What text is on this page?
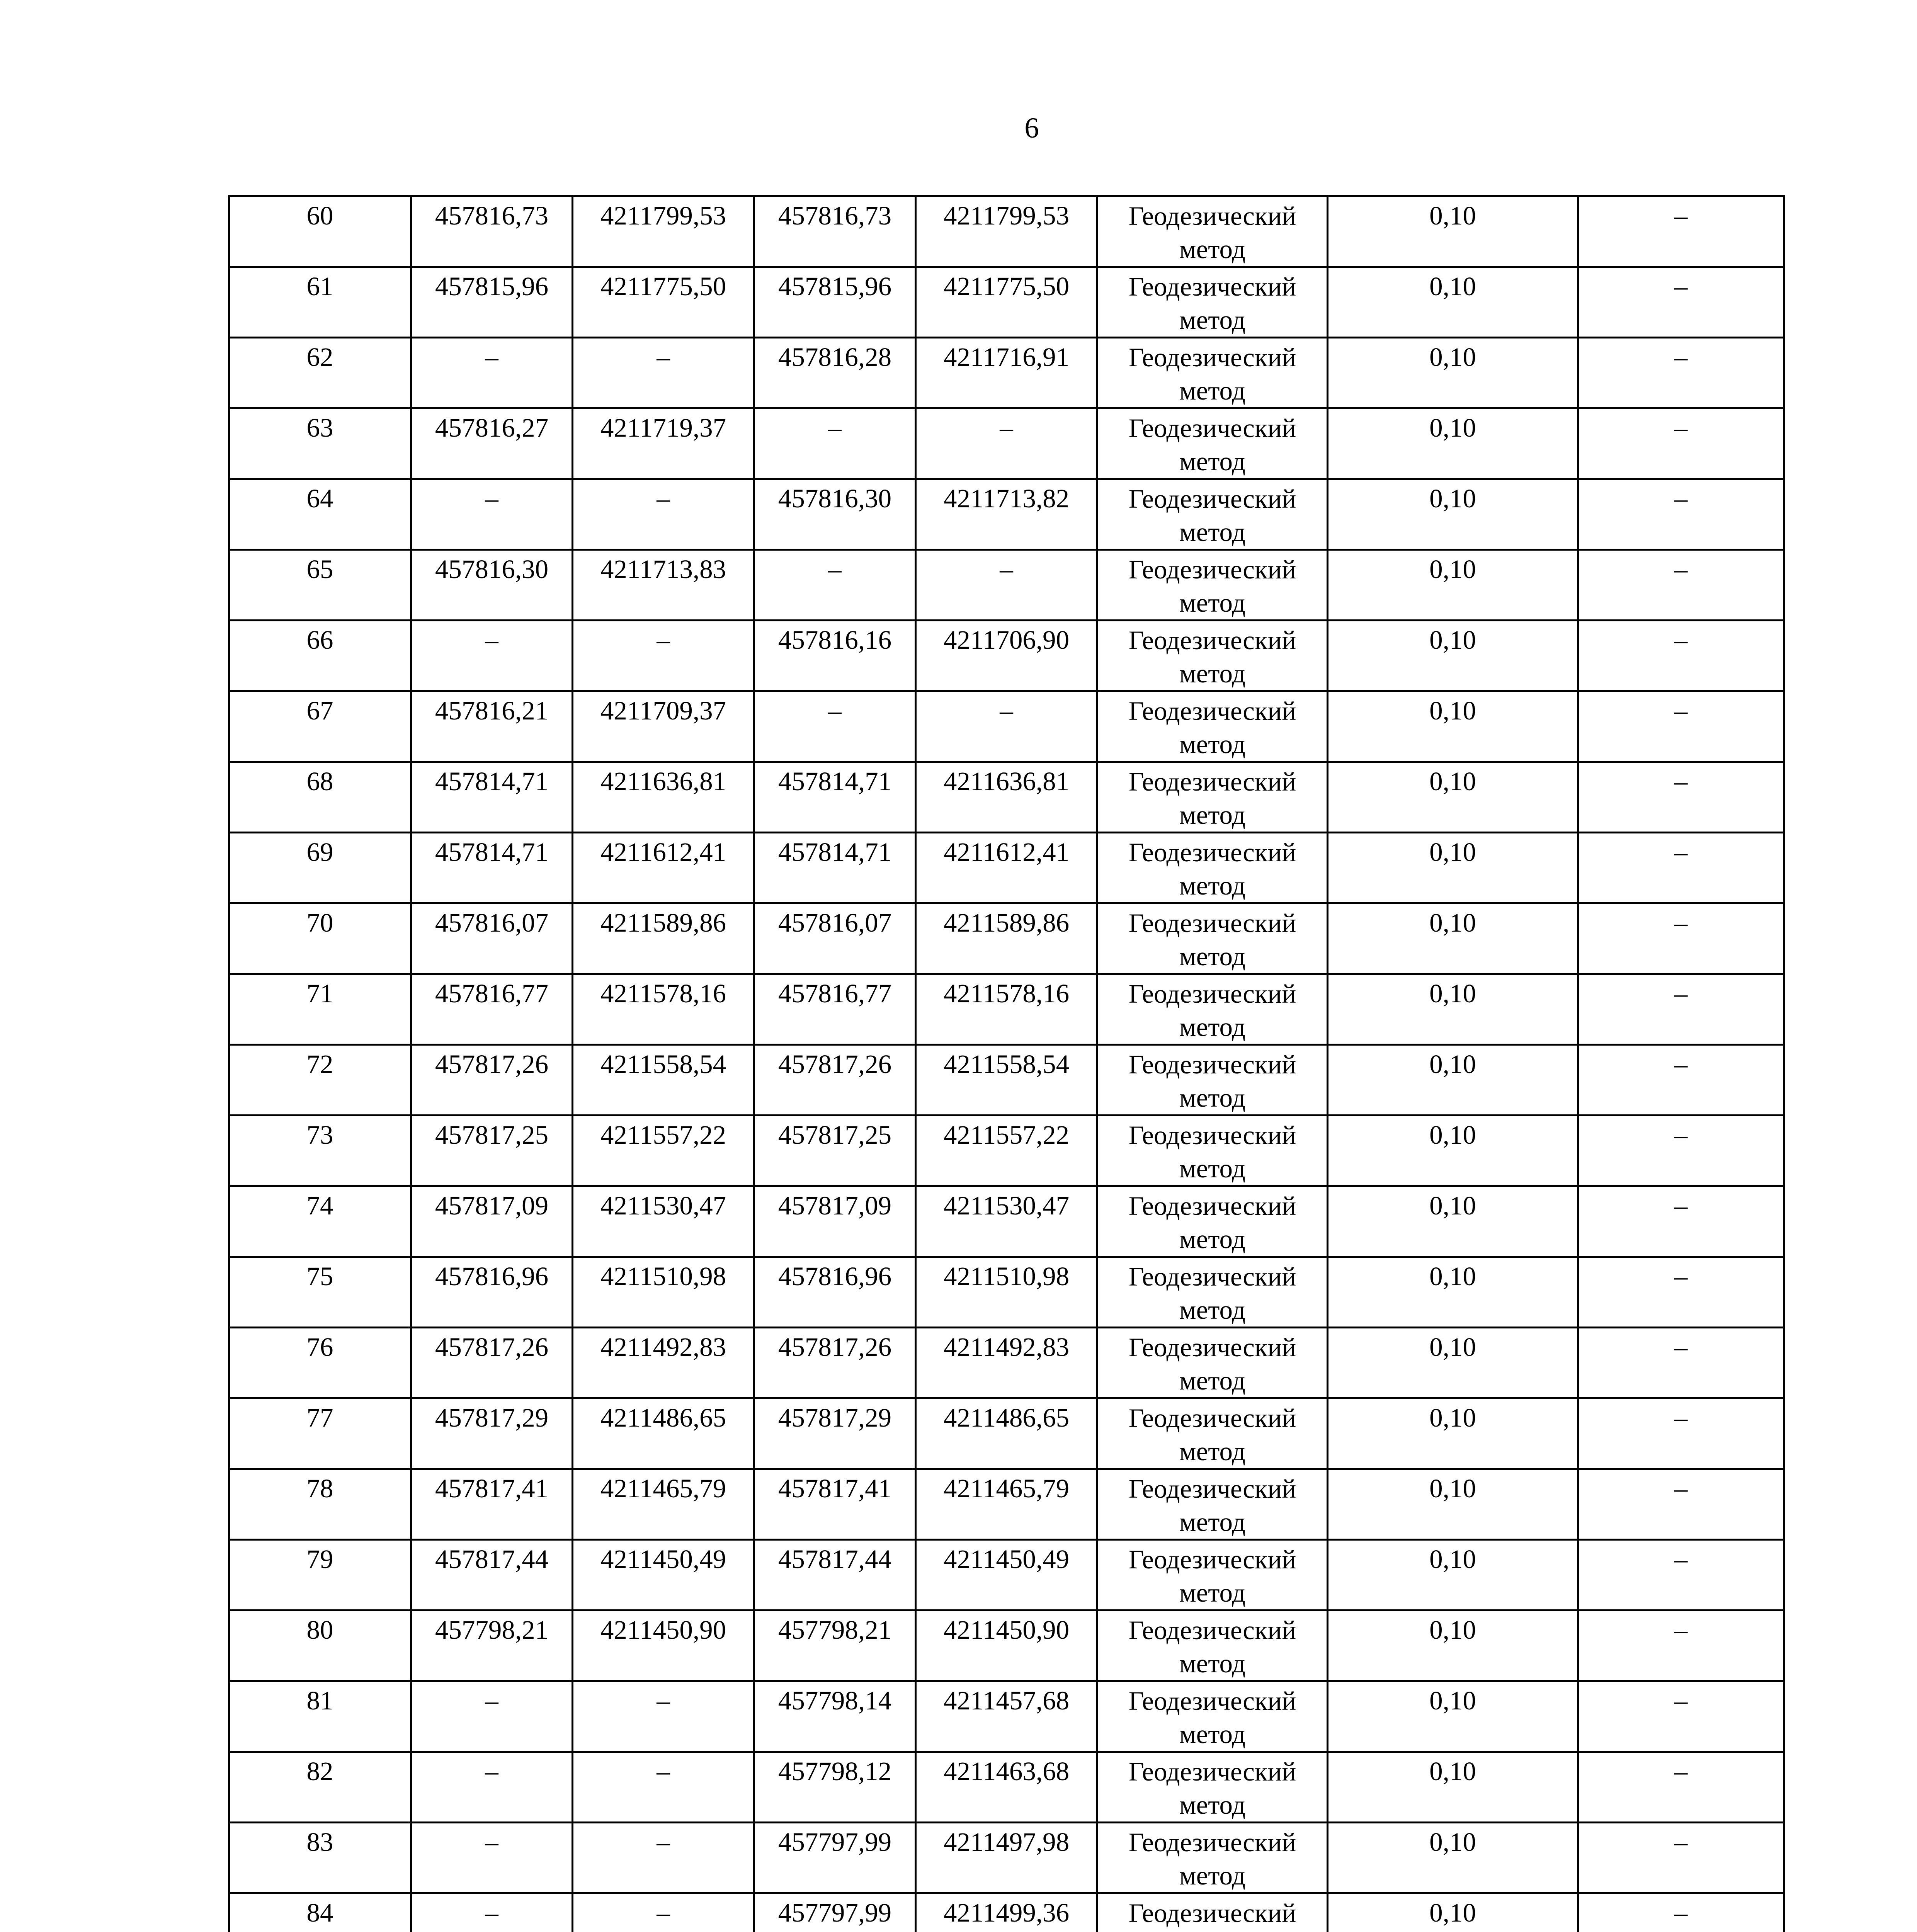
6
60	457816,73	4211799,53	457816,73	4211799,53	Геодезический метод	0,10	–
61	457815,96	4211775,50	457815,96	4211775,50	Геодезический метод	0,10	–
62	–	–	457816,28	4211716,91	Геодезический метод	0,10	–
63	457816,27	4211719,37	–	–	Геодезический метод	0,10	–
64	–	–	457816,30	4211713,82	Геодезический метод	0,10	–
65	457816,30	4211713,83	–	–	Геодезический метод	0,10	–
66	–	–	457816,16	4211706,90	Геодезический метод	0,10	–
67	457816,21	4211709,37	–	–	Геодезический метод	0,10	–
68	457814,71	4211636,81	457814,71	4211636,81	Геодезический метод	0,10	–
69	457814,71	4211612,41	457814,71	4211612,41	Геодезический метод	0,10	–
70	457816,07	4211589,86	457816,07	4211589,86	Геодезический метод	0,10	–
71	457816,77	4211578,16	457816,77	4211578,16	Геодезический метод	0,10	–
72	457817,26	4211558,54	457817,26	4211558,54	Геодезический метод	0,10	–
73	457817,25	4211557,22	457817,25	4211557,22	Геодезический метод	0,10	–
74	457817,09	4211530,47	457817,09	4211530,47	Геодезический метод	0,10	–
75	457816,96	4211510,98	457816,96	4211510,98	Геодезический метод	0,10	–
76	457817,26	4211492,83	457817,26	4211492,83	Геодезический метод	0,10	–
77	457817,29	4211486,65	457817,29	4211486,65	Геодезический метод	0,10	–
78	457817,41	4211465,79	457817,41	4211465,79	Геодезический метод	0,10	–
79	457817,44	4211450,49	457817,44	4211450,49	Геодезический метод	0,10	–
80	457798,21	4211450,90	457798,21	4211450,90	Геодезический метод	0,10	–
81	–	–	457798,14	4211457,68	Геодезический метод	0,10	–
82	–	–	457798,12	4211463,68	Геодезический метод	0,10	–
83	–	–	457797,99	4211497,98	Геодезический метод	0,10	–
84	–	–	457797,99	4211499,36	Геодезический	0,10	–
